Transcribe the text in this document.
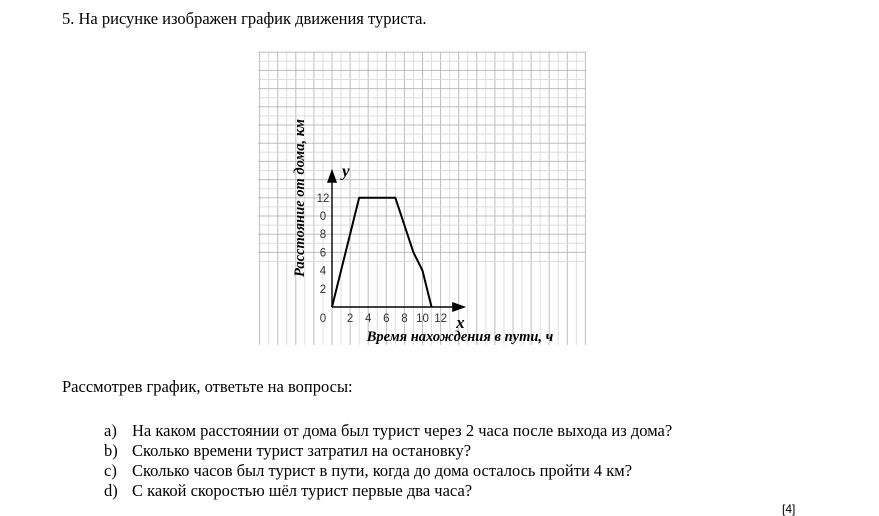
5. На рисунке изображен график движения туриста.
y
x
0 2 4 6 8 10 12
2
4
6
8
0
12
Время нахождения в пути, ч
Расстояние от дома, км
Рассмотрев график, ответьте на вопросы:
a) На каком расстоянии от дома был турист через 2 часа после выхода из дома?
b) Сколько времени турист затратил на остановку?
c) Сколько часов был турист в пути, когда до дома осталось пройти 4 км?
d) С какой скоростью шёл турист первые два часа?
[4]
